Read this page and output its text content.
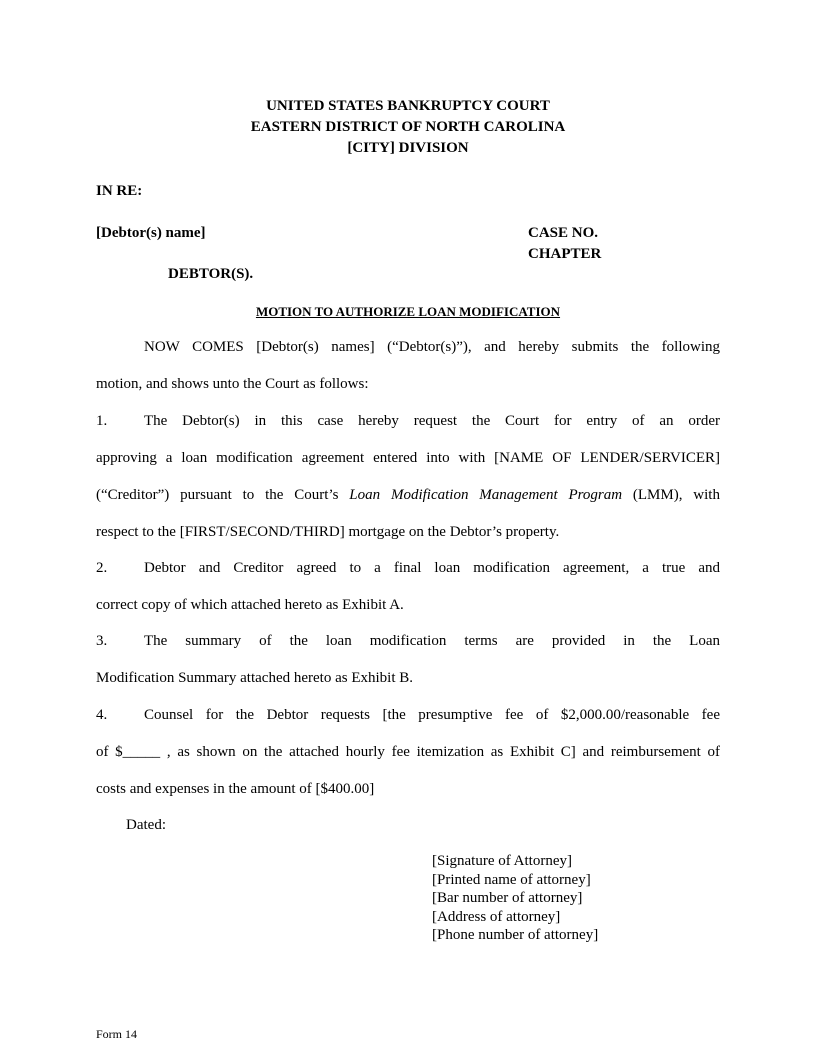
UNITED STATES BANKRUPTCY COURT
EASTERN DISTRICT OF NORTH CAROLINA
[CITY] DIVISION
IN RE:
[Debtor(s) name]	CASE NO.
CHAPTER
DEBTOR(S).
MOTION TO AUTHORIZE LOAN MODIFICATION
NOW COMES [Debtor(s) names] (“Debtor(s)”), and hereby submits the following
motion, and shows unto the Court as follows:
1. The Debtor(s) in this case hereby request the Court for entry of an order
approving a loan modification agreement entered into with [NAME OF LENDER/SERVICER]
(“Creditor”) pursuant to the Court’s Loan Modification Management Program (LMM), with
respect to the [FIRST/SECOND/THIRD] mortgage on the Debtor’s property.
2. Debtor and Creditor agreed to a final loan modification agreement, a true and
correct copy of which attached hereto as Exhibit A.
3. The summary of the loan modification terms are provided in the Loan
Modification Summary attached hereto as Exhibit B.
4. Counsel for the Debtor requests [the presumptive fee of $2,000.00/reasonable fee
of $_____ , as shown on the attached hourly fee itemization as Exhibit C] and reimbursement of
costs and expenses in the amount of [$400.00]
Dated:
[Signature of Attorney]
[Printed name of attorney]
[Bar number of attorney]
[Address of attorney]
[Phone number of attorney]
Form 14
